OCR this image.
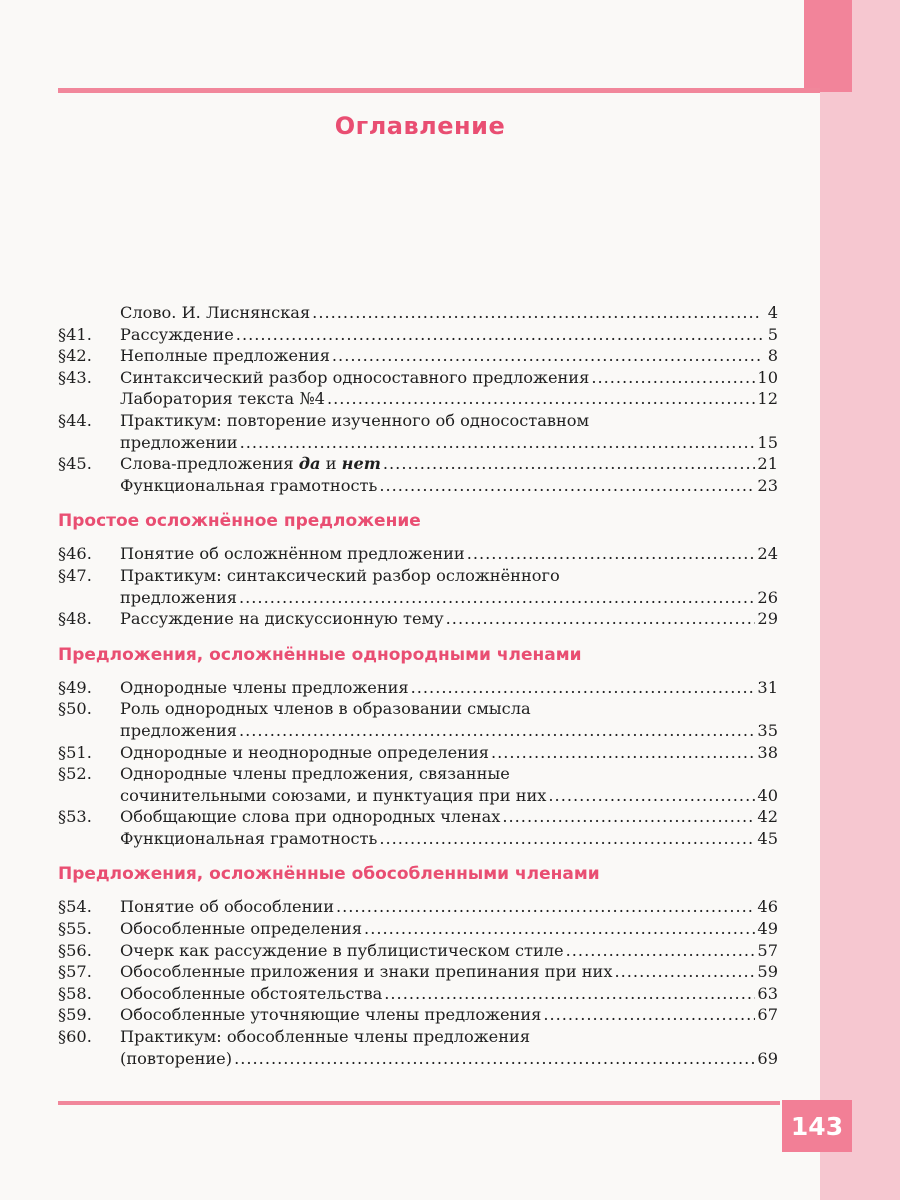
Оглавление
Слово. И. Лиснянская .....	4
§41.	Рассуждение .....	5
§42.	Неполные предложения .....	8
§43.	Синтаксический разбор односоставного предложения .....	10
Лаборатория текста №4 .....	12
§44.	Практикум: повторение изученного об односоставном
предложении .....	15
§45.	Слова-предложения да и нет .....	21
Функциональная грамотность .....	23
Простое осложнённое предложение
§46.	Понятие об осложнённом предложении .....	24
§47.	Практикум: синтаксический разбор осложнённого
предложения .....	26
§48.	Рассуждение на дискуссионную тему .....	29
Предложения, осложнённые однородными членами
§49.	Однородные члены предложения .....	31
§50.	Роль однородных членов в образовании смысла
предложения .....	35
§51.	Однородные и неоднородные определения .....	38
§52.	Однородные члены предложения, связанные
сочинительными союзами, и пунктуация при них .....	40
§53.	Обобщающие слова при однородных членах .....	42
Функциональная грамотность .....	45
Предложения, осложнённые обособленными членами
§54.	Понятие об обособлении .....	46
§55.	Обособленные определения .....	49
§56.	Очерк как рассуждение в публицистическом стиле .....	57
§57.	Обособленные приложения и знаки препинания при них .....	59
§58.	Обособленные обстоятельства .....	63
§59.	Обособленные уточняющие члены предложения .....	67
§60.	Практикум: обособленные члены предложения
(повторение) .....	69
143
